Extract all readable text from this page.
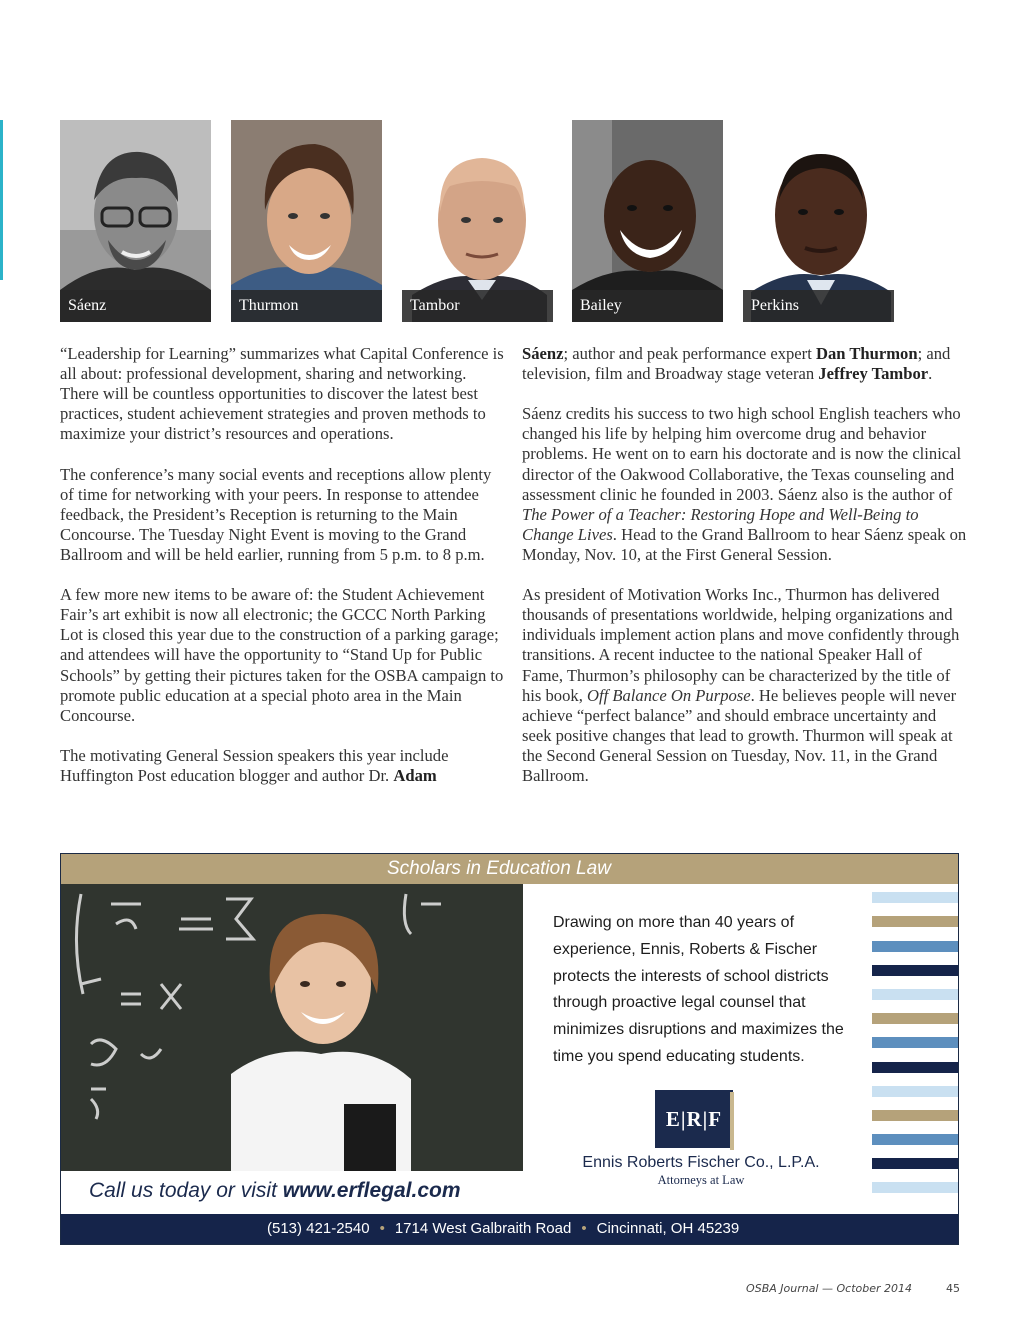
Sáenz	Thurmon	Tambor	Bailey	Perkins

“Leadership for Learning” summarizes what Capital Conference is all about: professional development, sharing and networking. There will be countless opportunities to discover the latest best practices, student achievement strategies and proven methods to maximize your district’s resources and operations.

The conference’s many social events and receptions allow plenty of time for networking with your peers. In response to attendee feedback, the President’s Reception is returning to the Main Concourse. The Tuesday Night Event is moving to the Grand Ballroom and will be held earlier, running from 5 p.m. to 8 p.m.

A few more new items to be aware of: the Student Achievement Fair’s art exhibit is now all electronic; the GCCC North Parking Lot is closed this year due to the construction of a parking garage; and attendees will have the opportunity to “Stand Up for Public Schools” by getting their pictures taken for the OSBA campaign to promote public education at a special photo area in the Main Concourse.

The motivating General Session speakers this year include Huffington Post education blogger and author Dr. Adam

Sáenz; author and peak performance expert Dan Thurmon; and television, film and Broadway stage veteran Jeffrey Tambor.

Sáenz credits his success to two high school English teachers who changed his life by helping him overcome drug and behavior problems. He went on to earn his doctorate and is now the clinical director of the Oakwood Collaborative, the Texas counseling and assessment clinic he founded in 2003. Sáenz also is the author of The Power of a Teacher: Restoring Hope and Well-Being to Change Lives. Head to the Grand Ballroom to hear Sáenz speak on Monday, Nov. 10, at the First General Session.

As president of Motivation Works Inc., Thurmon has delivered thousands of presentations worldwide, helping organizations and individuals implement action plans and move confidently through transitions. A recent inductee to the national Speaker Hall of Fame, Thurmon’s philosophy can be characterized by the title of his book, Off Balance On Purpose. He believes people will never achieve “perfect balance” and should embrace uncertainty and seek positive changes that lead to growth. Thurmon will speak at the Second General Session on Tuesday, Nov. 11, in the Grand Ballroom.

Scholars in Education Law
Drawing on more than 40 years of experience, Ennis, Roberts & Fischer protects the interests of school districts through proactive legal counsel that minimizes disruptions and maximizes the time you spend educating students.
E|R|F
Ennis Roberts Fischer Co., L.P.A.
Attorneys at Law
Call us today or visit www.erflegal.com
(513) 421-2540 • 1714 West Galbraith Road • Cincinnati, OH 45239
OSBA Journal — October 2014	45
